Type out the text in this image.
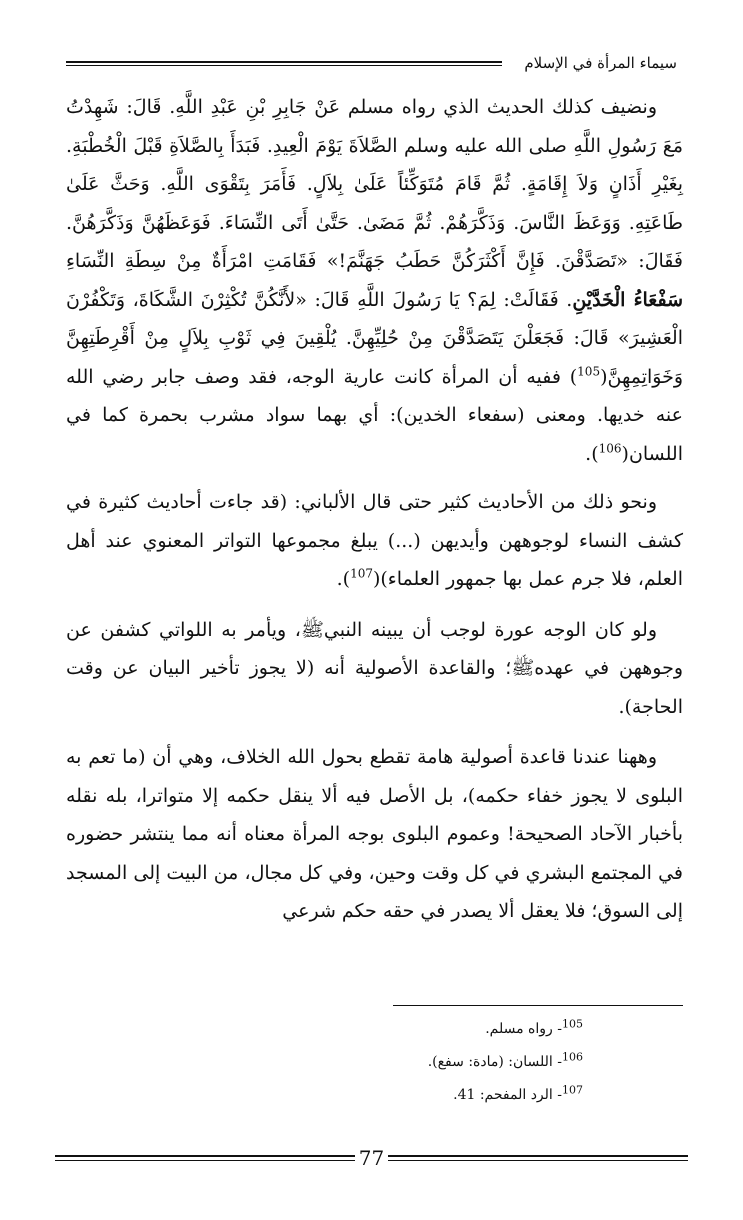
سيماء المرأة في الإسلام

ونضيف كذلك الحديث الذي رواه مسلم عَنْ جَابِرِ بْنِ عَبْدِ اللَّهِ. قَالَ: شَهِدْتُ مَعَ رَسُولِ اللَّهِ صلى الله عليه وسلم الصَّلاَةَ يَوْمَ الْعِيدِ. فَبَدَأَ بِالصَّلاَةِ قَبْلَ الْخُطْبَةِ. بِغَيْرِ أَذَانٍ وَلاَ إِقَامَةٍ. ثُمَّ قَامَ مُتَوَكِّئاً عَلَىٰ بِلاَلٍ. فَأَمَرَ بِتَقْوَى اللَّهِ. وَحَثَّ عَلَىٰ طَاعَتِهِ. وَوَعَظَ النَّاسَ. وَذَكَّرَهُمْ. ثُمَّ مَضَىٰ. حَتَّىٰ أَتَى النِّسَاءَ. فَوَعَظَهُنَّ وَذَكَّرَهُنَّ. فَقَالَ: «تَصَدَّقْنَ. فَإِنَّ أَكْثَرَكُنَّ حَطَبُ جَهَنَّمَ!» فَقَامَتِ امْرَأَةٌ مِنْ سِطَةِ النِّسَاءِ سَفْعَاءُ الْخَدَّيْنِ. فَقَالَتْ: لِمَ؟ يَا رَسُولَ اللَّهِ قَالَ: «لأَنَّكُنَّ تُكْثِرْنَ الشَّكَاةَ، وَتَكْفُرْنَ الْعَشِيرَ» قَالَ: فَجَعَلْنَ يَتَصَدَّقْنَ مِنْ حُلِيِّهِنَّ. يُلْقِينَ فِي ثَوْبِ بِلاَلٍ مِنْ أَقْرِطَتِهِنَّ وَخَوَاتِمِهِنَّ($^{105}$) ففيه أن المرأة كانت عارية الوجه، فقد وصف جابر رضي الله عنه خديها. ومعنى (سفعاء الخدين): أي بهما سواد مشرب بحمرة كما في اللسان($^{106}$).

ونحو ذلك من الأحاديث كثير حتى قال الألباني: (قد جاءت أحاديث كثيرة في كشف النساء لوجوههن وأيديهن (...) يبلغ مجموعها التواتر المعنوي عند أهل العلم، فلا جرم عمل بها جمهور العلماء)($^{107}$).

ولو كان الوجه عورة لوجب أن يبينه النبيﷺ، ويأمر به اللواتي كشفن عن وجوههن في عهدهﷺ؛ والقاعدة الأصولية أنه (لا يجوز تأخير البيان عن وقت الحاجة).

وههنا عندنا قاعدة أصولية هامة تقطع بحول الله الخلاف، وهي أن (ما تعم به البلوى لا يجوز خفاء حكمه)، بل الأصل فيه ألا ينقل حكمه إلا متواترا، بله نقله بأخبار الآحاد الصحيحة! وعموم البلوى بوجه المرأة معناه أنه مما ينتشر حضوره في المجتمع البشري في كل وقت وحين، وفي كل مجال، من البيت إلى المسجد إلى السوق؛ فلا يعقل ألا يصدر في حقه حكم شرعي

$^{105}$- رواه مسلم.
$^{106}$- اللسان: (مادة: سفع).
$^{107}$- الرد المفحم: 41.
77
